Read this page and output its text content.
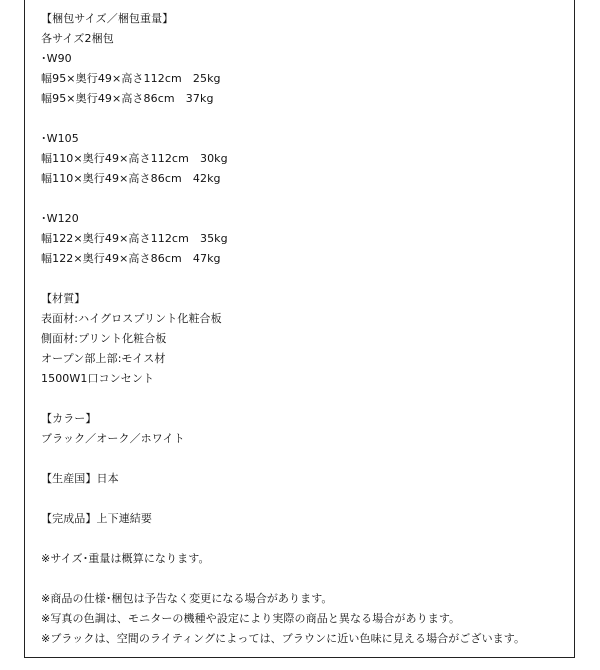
【梱包サイズ／梱包重量】
各サイズ2梱包
･W90
幅95×奥行49×高さ112cm　25kg
幅95×奥行49×高さ86cm　37kg
･W105
幅110×奥行49×高さ112cm　30kg
幅110×奥行49×高さ86cm　42kg
･W120
幅122×奥行49×高さ112cm　35kg
幅122×奥行49×高さ86cm　47kg
【材質】
表面材:ハイグロスプリント化粧合板
側面材:プリント化粧合板
オープン部上部:モイス材
1500W1口コンセント
【カラー】
ブラック／オーク／ホワイト
【生産国】日本
【完成品】上下連結要
※サイズ･重量は概算になります。
※商品の仕様･梱包は予告なく変更になる場合があります。
※写真の色調は、モニターの機種や設定により実際の商品と異なる場合があります。
※ブラックは、空間のライティングによっては、ブラウンに近い色味に見える場合がございます。
